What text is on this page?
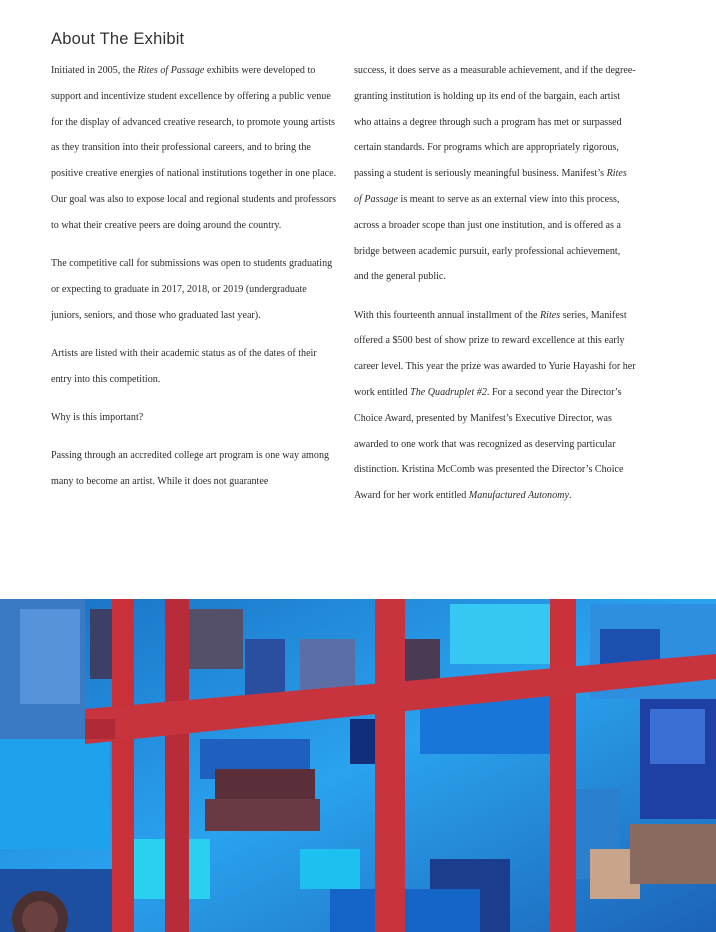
About The Exhibit

Initiated in 2005, the Rites of Passage exhibits were developed to support and incentivize student excellence by offering a public venue for the display of advanced creative research, to promote young artists as they transition into their professional careers, and to bring the positive creative energies of national institutions together in one place. Our goal was also to expose local and regional students and professors to what their creative peers are doing around the country.

The competitive call for submissions was open to students graduating or expecting to graduate in 2017, 2018, or 2019 (undergraduate juniors, seniors, and those who graduated last year).

Artists are listed with their academic status as of the dates of their entry into this competition.

Why is this important?

Passing through an accredited college art program is one way among many to become an artist. While it does not guarantee

success, it does serve as a measurable achievement, and if the degree-granting institution is holding up its end of the bargain, each artist who attains a degree through such a program has met or surpassed certain standards. For programs which are appropriately rigorous, passing a student is seriously meaningful business. Manifest’s Rites of Passage is meant to serve as an external view into this process, across a broader scope than just one institution, and is offered as a bridge between academic pursuit, early professional achievement, and the general public.

With this fourteenth annual installment of the Rites series, Manifest offered a $500 best of show prize to reward excellence at this early career level. This year the prize was awarded to Yurie Hayashi for her work entitled The Quadruplet #2. For a second year the Director’s Choice Award, presented by Manifest’s Executive Director, was awarded to one work that was recognized as deserving particular distinction. Kristina McComb was presented the Director’s Choice Award for her work entitled Manufactured Autonomy.
